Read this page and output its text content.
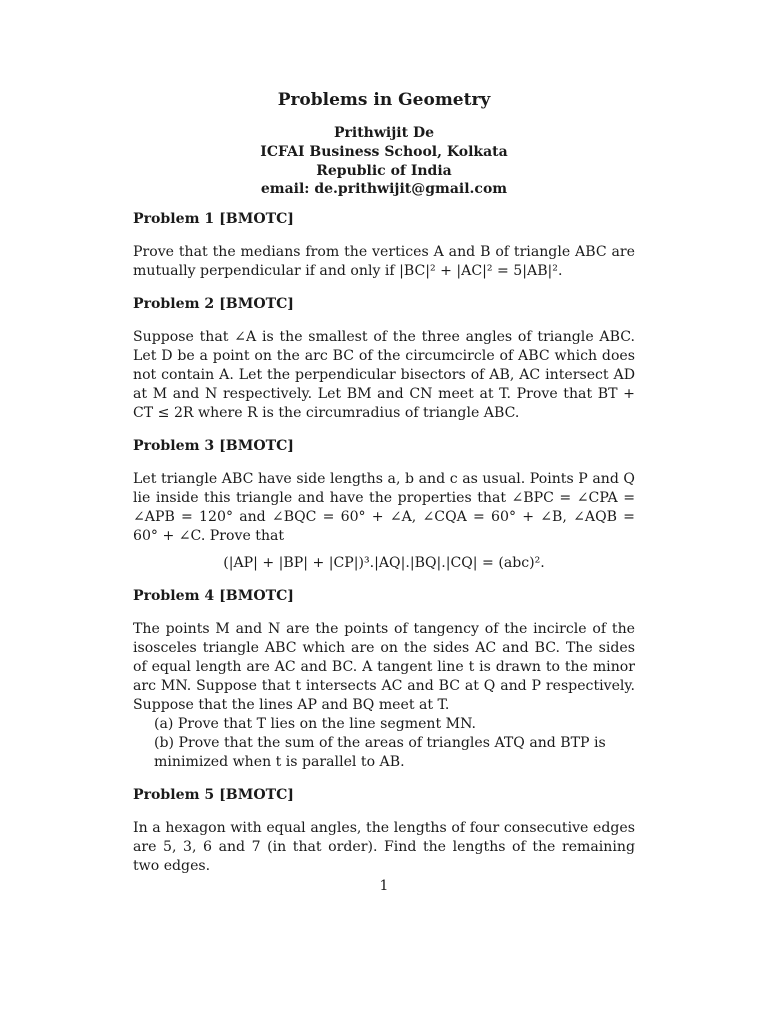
Problems in Geometry
Prithwijit De
ICFAI Business School, Kolkata
Republic of India
email: de.prithwijit@gmail.com
Problem 1 [BMOTC]
Prove that the medians from the vertices A and B of triangle ABC are mutually perpendicular if and only if |BC|² + |AC|² = 5|AB|².
Problem 2 [BMOTC]
Suppose that ∠A is the smallest of the three angles of triangle ABC. Let D be a point on the arc BC of the circumcircle of ABC which does not contain A. Let the perpendicular bisectors of AB, AC intersect AD at M and N respectively. Let BM and CN meet at T. Prove that BT + CT ≤ 2R where R is the circumradius of triangle ABC.
Problem 3 [BMOTC]
Let triangle ABC have side lengths a, b and c as usual. Points P and Q lie inside this triangle and have the properties that ∠BPC = ∠CPA = ∠APB = 120° and ∠BQC = 60° + ∠A, ∠CQA = 60° + ∠B, ∠AQB = 60° + ∠C. Prove that
(|AP| + |BP| + |CP|)³.|AQ|.|BQ|.|CQ| = (abc)².
Problem 4 [BMOTC]
The points M and N are the points of tangency of the incircle of the isosceles triangle ABC which are on the sides AC and BC. The sides of equal length are AC and BC. A tangent line t is drawn to the minor arc MN. Suppose that t intersects AC and BC at Q and P respectively. Suppose that the lines AP and BQ meet at T.
(a) Prove that T lies on the line segment MN.
(b) Prove that the sum of the areas of triangles ATQ and BTP is
minimized when t is parallel to AB.
Problem 5 [BMOTC]
In a hexagon with equal angles, the lengths of four consecutive edges are 5, 3, 6 and 7 (in that order). Find the lengths of the remaining two edges.
1
